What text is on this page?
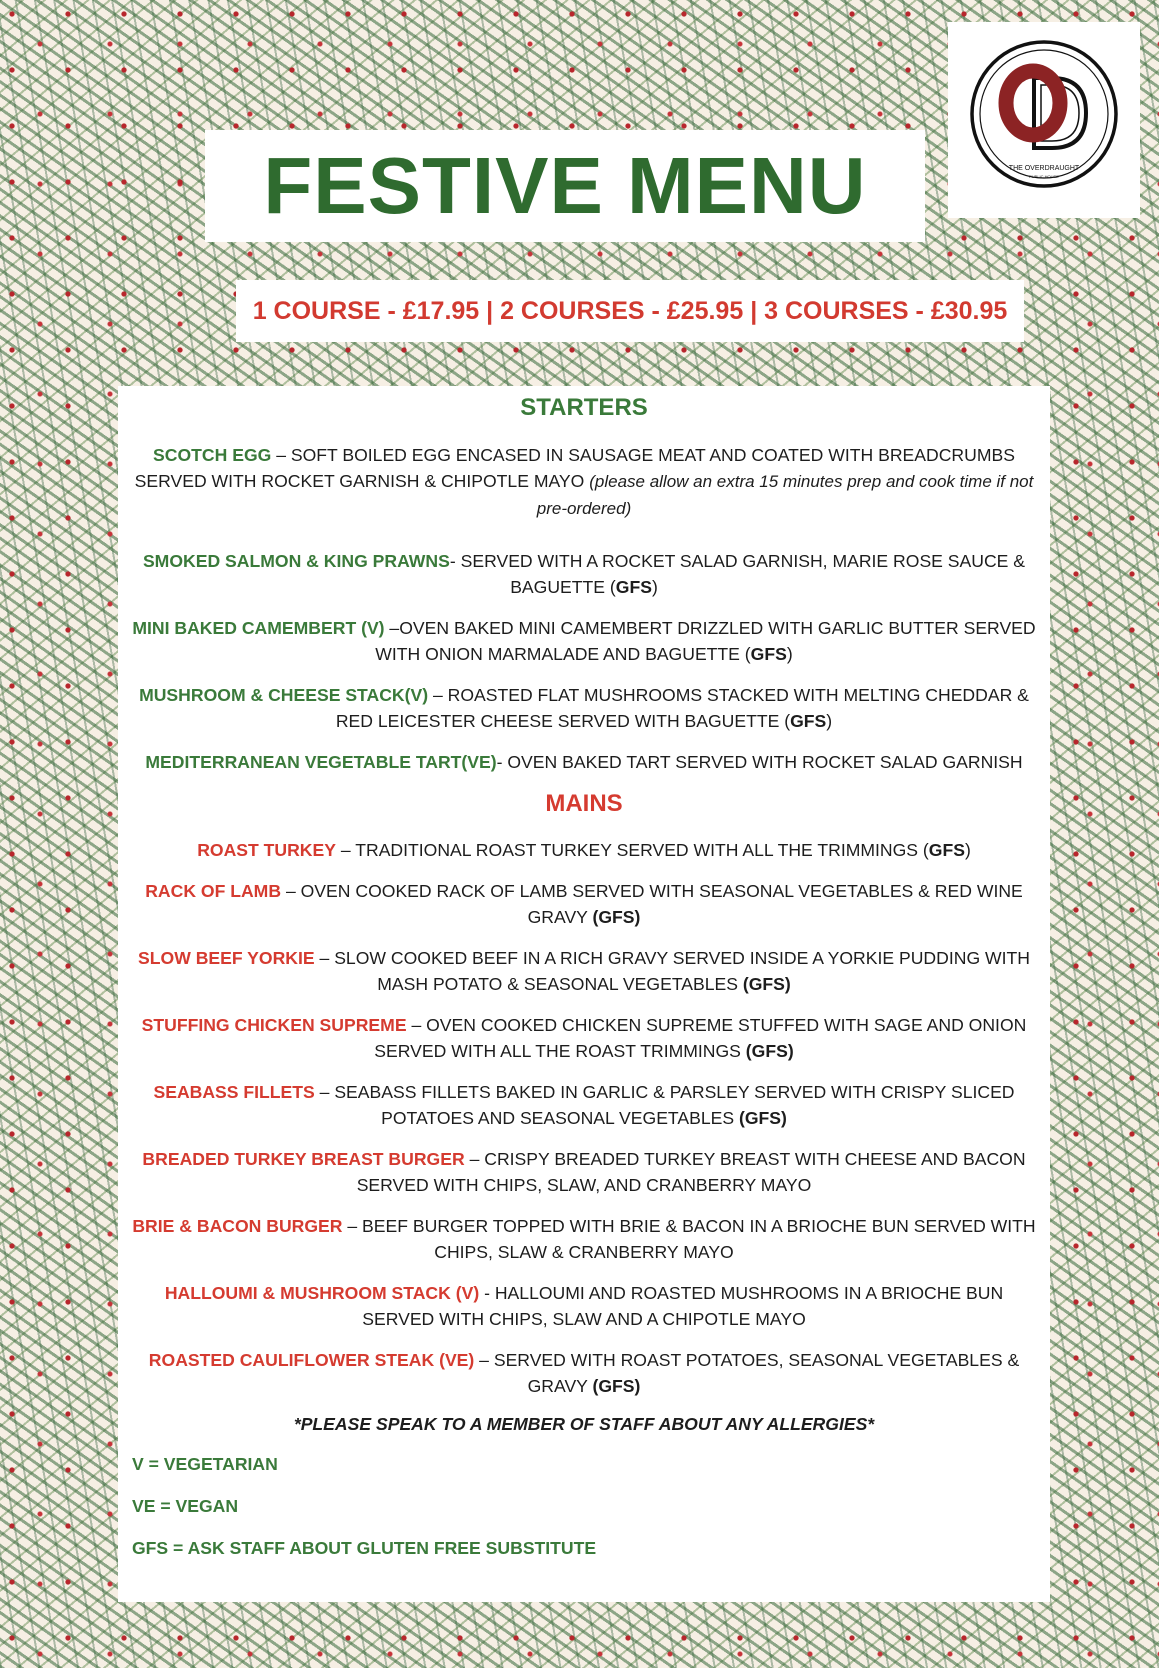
THE OVERDRAUGHT
PUBLIC HOUSE
FESTIVE MENU
1 COURSE - £17.95 | 2 COURSES - £25.95 | 3 COURSES - £30.95
STARTERS

SCOTCH EGG – SOFT BOILED EGG ENCASED IN SAUSAGE MEAT AND COATED WITH BREADCRUMBS SERVED WITH ROCKET GARNISH & CHIPOTLE MAYO (please allow an extra 15 minutes prep and cook time if not pre-ordered)

SMOKED SALMON & KING PRAWNS- SERVED WITH A ROCKET SALAD GARNISH, MARIE ROSE SAUCE & BAGUETTE (GFS)

MINI BAKED CAMEMBERT (V) –OVEN BAKED MINI CAMEMBERT DRIZZLED WITH GARLIC BUTTER SERVED WITH ONION MARMALADE AND BAGUETTE (GFS)

MUSHROOM & CHEESE STACK(V) – ROASTED FLAT MUSHROOMS STACKED WITH MELTING CHEDDAR & RED LEICESTER CHEESE SERVED WITH BAGUETTE (GFS)

MEDITERRANEAN VEGETABLE TART(VE)- OVEN BAKED TART SERVED WITH ROCKET SALAD GARNISH

MAINS

ROAST TURKEY – TRADITIONAL ROAST TURKEY SERVED WITH ALL THE TRIMMINGS (GFS)

RACK OF LAMB – OVEN COOKED RACK OF LAMB SERVED WITH SEASONAL VEGETABLES & RED WINE GRAVY (GFS)

SLOW BEEF YORKIE – SLOW COOKED BEEF IN A RICH GRAVY SERVED INSIDE A YORKIE PUDDING WITH MASH POTATO & SEASONAL VEGETABLES (GFS)

STUFFING CHICKEN SUPREME – OVEN COOKED CHICKEN SUPREME STUFFED WITH SAGE AND ONION SERVED WITH ALL THE ROAST TRIMMINGS (GFS)

SEABASS FILLETS – SEABASS FILLETS BAKED IN GARLIC & PARSLEY SERVED WITH CRISPY SLICED POTATOES AND SEASONAL VEGETABLES (GFS)

BREADED TURKEY BREAST BURGER – CRISPY BREADED TURKEY BREAST WITH CHEESE AND BACON SERVED WITH CHIPS, SLAW, AND CRANBERRY MAYO

BRIE & BACON BURGER – BEEF BURGER TOPPED WITH BRIE & BACON IN A BRIOCHE BUN SERVED WITH CHIPS, SLAW & CRANBERRY MAYO

HALLOUMI & MUSHROOM STACK (V) - HALLOUMI AND ROASTED MUSHROOMS IN A BRIOCHE BUN SERVED WITH CHIPS, SLAW AND A CHIPOTLE MAYO

ROASTED CAULIFLOWER STEAK (VE) – SERVED WITH ROAST POTATOES, SEASONAL VEGETABLES & GRAVY (GFS)

*PLEASE SPEAK TO A MEMBER OF STAFF ABOUT ANY ALLERGIES*

V = VEGETARIAN

VE = VEGAN

GFS = ASK STAFF ABOUT GLUTEN FREE SUBSTITUTE
